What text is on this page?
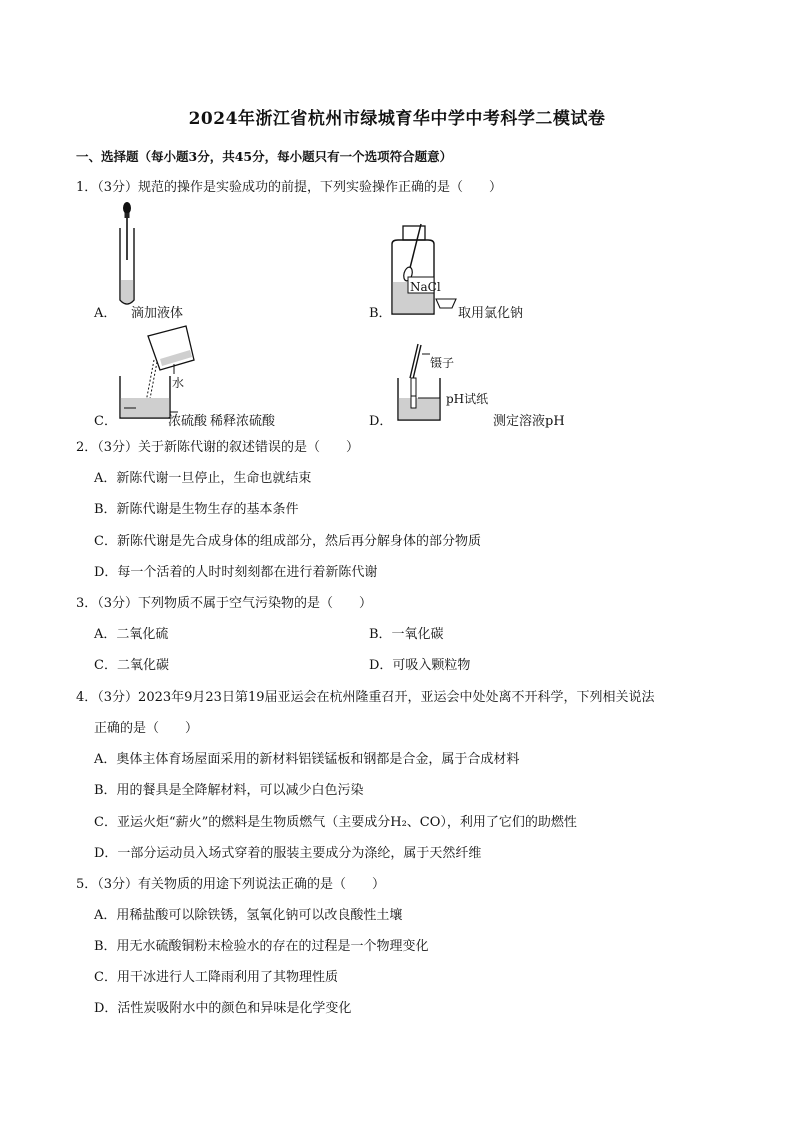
2024年浙江省杭州市绿城育华中学中考科学二模试卷
一、选择题（每小题3分，共45分，每小题只有一个选项符合题意）
1．（3分）规范的操作是实验成功的前提，下列实验操作正确的是（　　）
A． 滴加液体
NaCl
B．	取用氯化钠
水
C．	浓硫酸 稀释浓硫酸
镊子
pH试纸
D．	测定溶液pH
2．（3分）关于新陈代谢的叙述错误的是（　　）
A．新陈代谢一旦停止，生命也就结束
B．新陈代谢是生物生存的基本条件
C．新陈代谢是先合成身体的组成部分，然后再分解身体的部分物质
D．每一个活着的人时时刻刻都在进行着新陈代谢
3．（3分）下列物质不属于空气污染物的是（　　）
A．二氧化硫	B．一氧化碳
C．二氧化碳	D．可吸入颗粒物
4．（3分）2023年9月23日第19届亚运会在杭州隆重召开，亚运会中处处离不开科学，下列相关说法
正确的是（　　）
A．奥体主体育场屋面采用的新材料铝镁锰板和钢都是合金，属于合成材料
B．用的餐具是全降解材料，可以减少白色污染
C．亚运火炬“薪火”的燃料是生物质燃气（主要成分H₂、CO），利用了它们的助燃性
D．一部分运动员入场式穿着的服装主要成分为涤纶，属于天然纤维
5．（3分）有关物质的用途下列说法正确的是（　　）
A．用稀盐酸可以除铁锈，氢氧化钠可以改良酸性土壤
B．用无水硫酸铜粉末检验水的存在的过程是一个物理变化
C．用干冰进行人工降雨利用了其物理性质
D．活性炭吸附水中的颜色和异味是化学变化
